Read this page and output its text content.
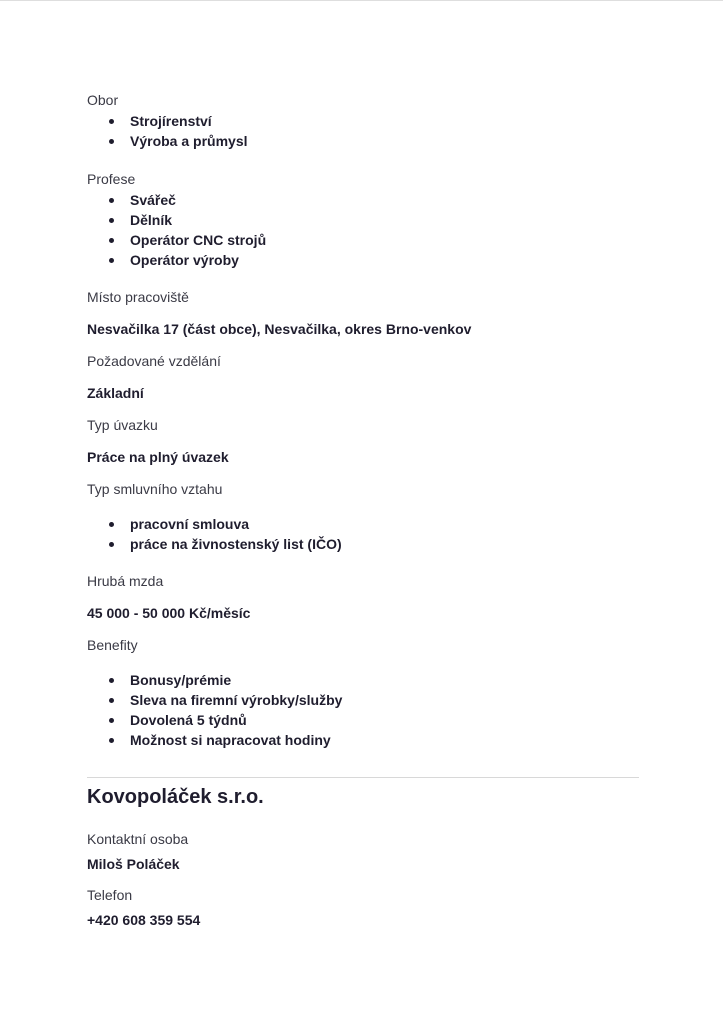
Obor

Strojírenství
Výroba a průmysl

Profese

Svářeč
Dělník
Operátor CNC strojů
Operátor výroby

Místo pracoviště

Nesvačilka 17 (část obce), Nesvačilka, okres Brno-venkov

Požadované vzdělání

Základní

Typ úvazku

Práce na plný úvazek

Typ smluvního vztahu

pracovní smlouva
práce na živnostenský list (IČO)

Hrubá mzda

45 000 - 50 000 Kč/měsíc

Benefity

Bonusy/prémie
Sleva na firemní výrobky/služby
Dovolená 5 týdnů
Možnost si napracovat hodiny
Kovopoláček s.r.o.

Kontaktní osoba

Miloš Poláček

Telefon

+420 608 359 554
